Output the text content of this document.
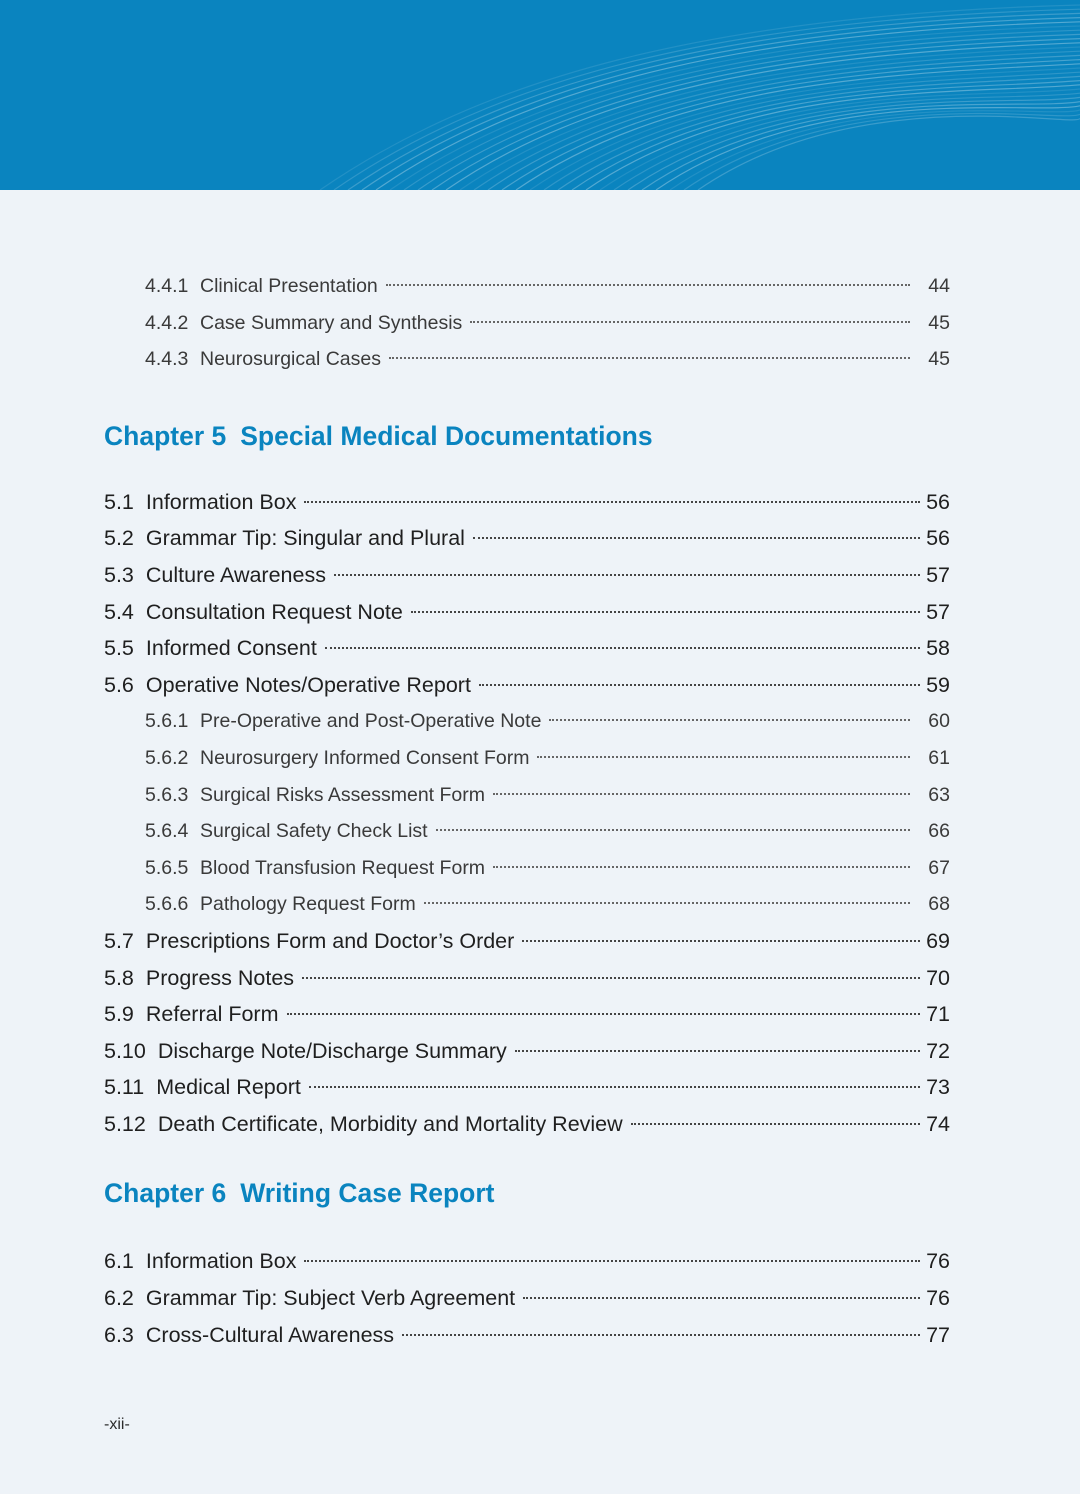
4.4.1 Clinical Presentation	44
4.4.2 Case Summary and Synthesis	45
4.4.3 Neurosurgical Cases	45
Chapter 5 Special Medical Documentations
5.1 Information Box	56
5.2 Grammar Tip: Singular and Plural	56
5.3 Culture Awareness	57
5.4 Consultation Request Note	57
5.5 Informed Consent	58
5.6 Operative Notes/Operative Report	59
5.6.1 Pre-Operative and Post-Operative Note	60
5.6.2 Neurosurgery Informed Consent Form	61
5.6.3 Surgical Risks Assessment Form	63
5.6.4 Surgical Safety Check List	66
5.6.5 Blood Transfusion Request Form	67
5.6.6 Pathology Request Form	68
5.7 Prescriptions Form and Doctor’s Order	69
5.8 Progress Notes	70
5.9 Referral Form	71
5.10 Discharge Note/Discharge Summary	72
5.11 Medical Report	73
5.12 Death Certificate, Morbidity and Mortality Review	74
Chapter 6 Writing Case Report
6.1 Information Box	76
6.2 Grammar Tip: Subject Verb Agreement	76
6.3 Cross-Cultural Awareness	77
-xii-
